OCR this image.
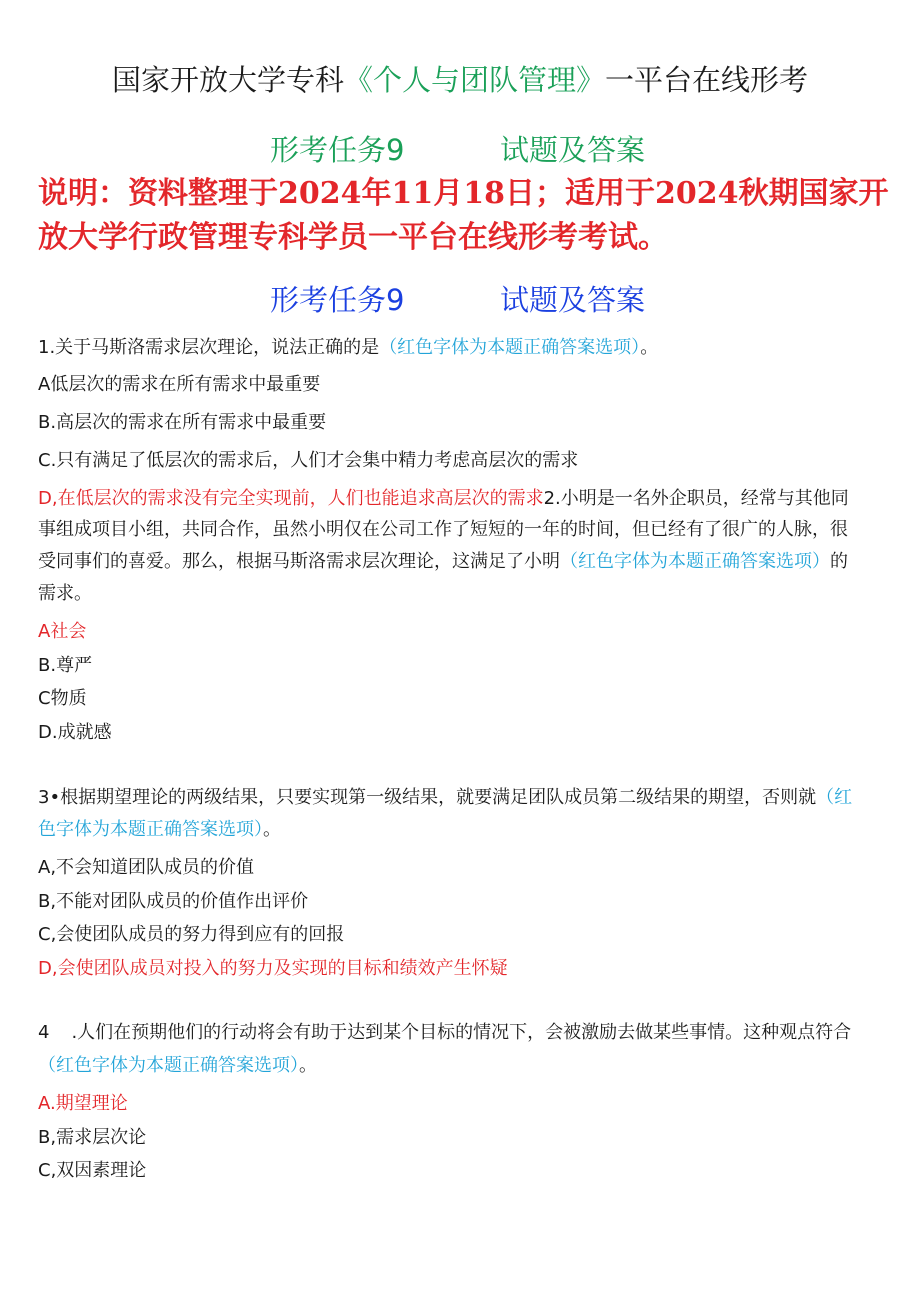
国家开放大学专科《个人与团队管理》一平台在线形考
形考任务9	试题及答案
说明：资料整理于2024年11月18日；适用于2024秋期国家开放大学行政管理专科学员一平台在线形考考试。
形考任务9	试题及答案
1.关于马斯洛需求层次理论，说法正确的是（红色字体为本题正确答案选项）。
A低层次的需求在所有需求中最重要
B.高层次的需求在所有需求中最重要
C.只有满足了低层次的需求后，人们才会集中精力考虑高层次的需求
D,在低层次的需求没有完全实现前，人们也能追求高层次的需求2.小明是一名外企职员，经常与其他同
事组成项目小组，共同合作，虽然小明仅在公司工作了短短的一年的时间，但已经有了很广的人脉，很
受同事们的喜爱。那么，根据马斯洛需求层次理论，这满足了小明（红色字体为本题正确答案选项）的
需求。
A社会
B.尊严
C物质
D.成就感
3•根据期望理论的两级结果，只要实现第一级结果，就要满足团队成员第二级结果的期望，否则就（红
色字体为本题正确答案选项）。
A,不会知道团队成员的价值
B,不能对团队成员的价值作出评价
C,会使团队成员的努力得到应有的回报
D,会使团队成员对投入的努力及实现的目标和绩效产生怀疑
4 .人们在预期他们的行动将会有助于达到某个目标的情况下，会被激励去做某些事情。这种观点符合
（红色字体为本题正确答案选项）。
A.期望理论
B,需求层次论
C,双因素理论
